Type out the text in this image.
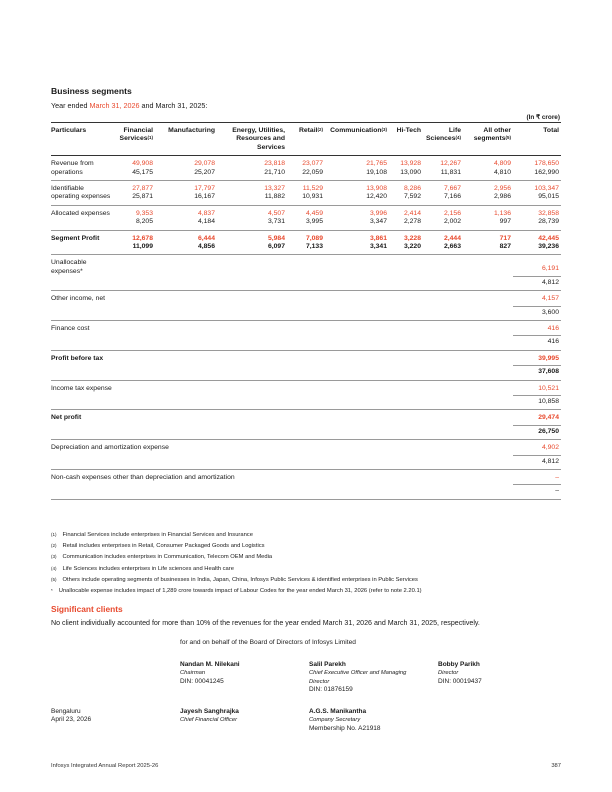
Business segments
Year ended March 31, 2026 and March 31, 2025:
(In ₹ crore)
Particulars	Financial Services$^{(1)}$	Manufacturing	Energy, Utilities, Resources and Services	Retail$^{(2)}$	Communication$^{(3)}$	Hi-Tech	Life Sciences$^{(4)}$	All other segments$^{(5)}$	Total
Revenue from operations	49,908	29,078	23,818	23,077	21,765	13,928	12,267	4,809	178,650
	45,175	25,207	21,710	22,059	19,108	13,090	11,831	4,810	162,990
Identifiable operating expenses	27,877	17,797	13,327	11,529	13,908	8,286	7,667	2,956	103,347
	25,871	16,167	11,882	10,931	12,420	7,592	7,166	2,986	95,015
Allocated expenses	9,353	4,837	4,507	4,459	3,996	2,414	2,156	1,136	32,858
	8,205	4,184	3,731	3,995	3,347	2,278	2,002	997	28,739
Segment Profit	12,678	6,444	5,984	7,089	3,861	3,228	2,444	717	42,445
	11,099	4,856	6,097	7,133	3,341	3,220	2,663	827	39,236
Unallocable expenses*									6,191
									4,812
Other income, net									4,157
									3,600
Finance cost									416
									416
Profit before tax									39,995
									37,608
Income tax expense									10,521
									10,858
Net profit									29,474
									26,750
Depreciation and amortization expense									4,902
									4,812
Non-cash expenses other than depreciation and amortization									–
									–
$^{(1)}$ Financial Services include enterprises in Financial Services and Insurance
$^{(2)}$ Retail includes enterprises in Retail, Consumer Packaged Goods and Logistics
$^{(3)}$ Communication includes enterprises in Communication, Telecom OEM and Media
$^{(4)}$ Life Sciences includes enterprises in Life sciences and Health care
$^{(5)}$ Others include operating segments of businesses in India, Japan, China, Infosys Public Services & identified enterprises in Public Services
* Unallocable expense includes impact of 1,289 crore towards impact of Labour Codes for the year ended March 31, 2026 (refer to note 2.20.1)
Significant clients
No client individually accounted for more than 10% of the revenues for the year ended March 31, 2026 and March 31, 2025, respectively.
for and on behalf of the Board of Directors of Infosys Limited
Nandan M. Nilekani
Chairman
DIN: 00041245
Salil Parekh
Chief Executive Officer and Managing Director
DIN: 01876159
Bobby Parikh
Director
DIN: 00019437
Bengaluru
April 23, 2026
Jayesh Sanghrajka
Chief Financial Officer
A.G.S. Manikantha
Company Secretary
Membership No. A21918
Infosys Integrated Annual Report 2025-26	387
